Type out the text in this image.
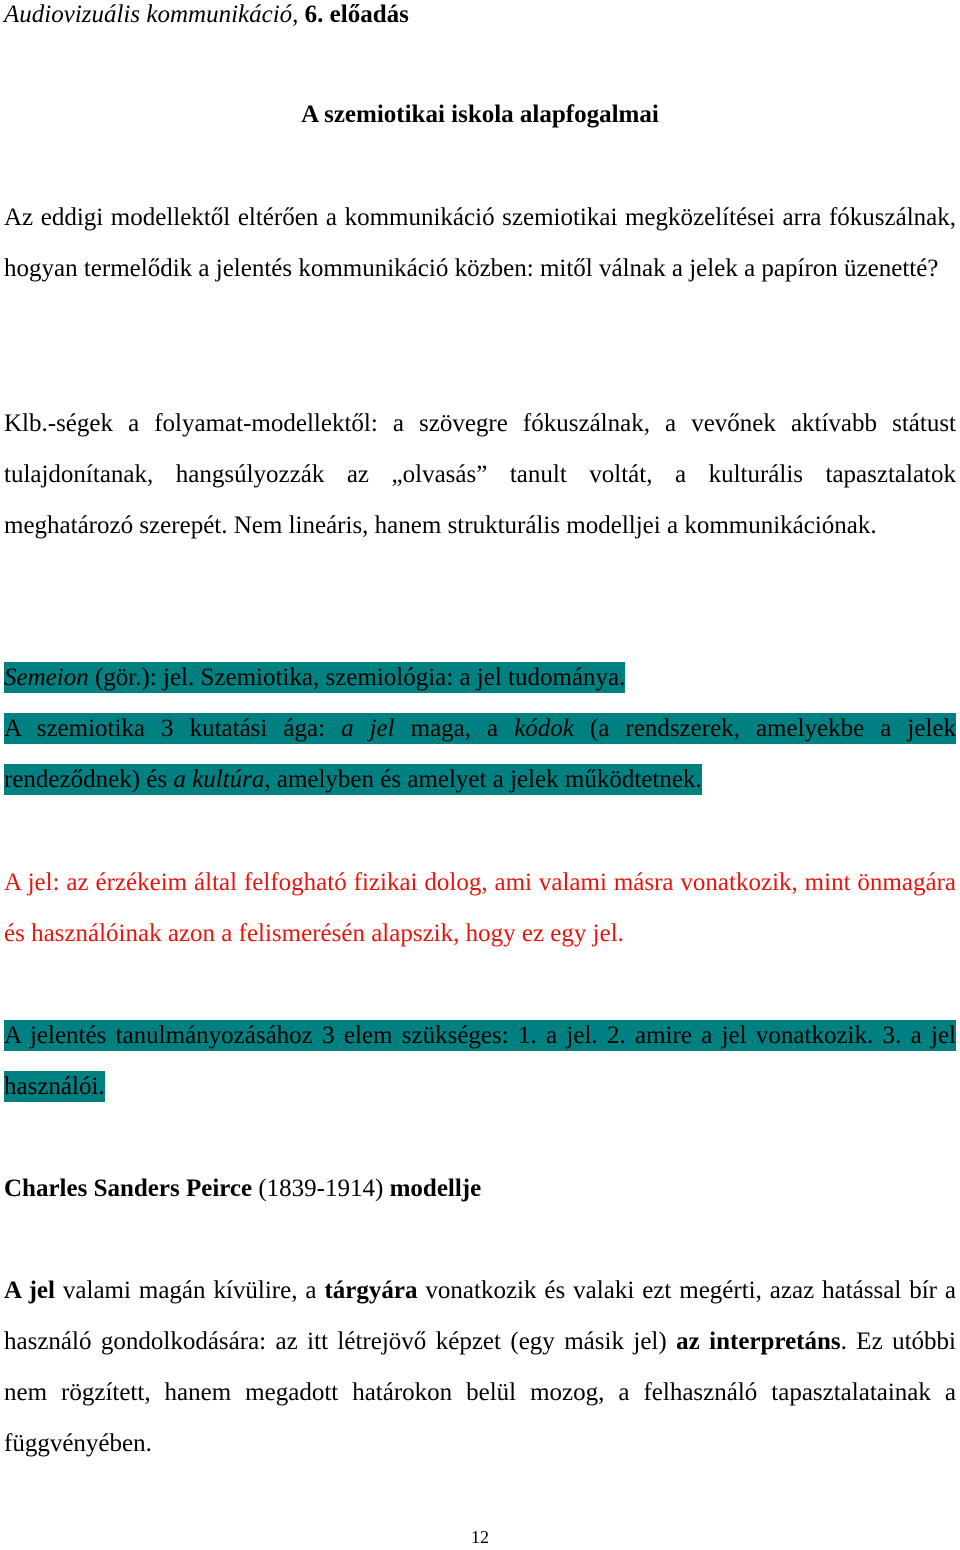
Audiovizuális kommunikáció, 6. előadás
A szemiotikai iskola alapfogalmai

Az eddigi modellektől eltérően a kommunikáció szemiotikai megközelítései arra fókuszálnak, hogyan termelődik a jelentés kommunikáció közben: mitől válnak a jelek a papíron üzenetté?

Klb.-ségek a folyamat-modellektől: a szövegre fókuszálnak, a vevőnek aktívabb státust tulajdonítanak, hangsúlyozzák az „olvasás” tanult voltát, a kulturális tapasztalatok meghatározó szerepét. Nem lineáris, hanem strukturális modelljei a kommunikációnak.

Semeion (gör.): jel. Szemiotika, szemiológia: a jel tudománya.

A szemiotika 3 kutatási ága: a jel maga, a kódok (a rendszerek, amelyekbe a jelek rendeződnek) és a kultúra, amelyben és amelyet a jelek működtetnek.

A jel: az érzékeim által felfogható fizikai dolog, ami valami másra vonatkozik, mint önmagára és használóinak azon a felismerésén alapszik, hogy ez egy jel.

A jelentés tanulmányozásához 3 elem szükséges: 1. a jel. 2. amire a jel vonatkozik. 3. a jel használói.

Charles Sanders Peirce (1839-1914) modellje

A jel valami magán kívülire, a tárgyára vonatkozik és valaki ezt megérti, azaz hatással bír a használó gondolkodására: az itt létrejövő képzet (egy másik jel) az interpretáns. Ez utóbbi nem rögzített, hanem megadott határokon belül mozog, a felhasználó tapasztalatainak a függvényében.

12
